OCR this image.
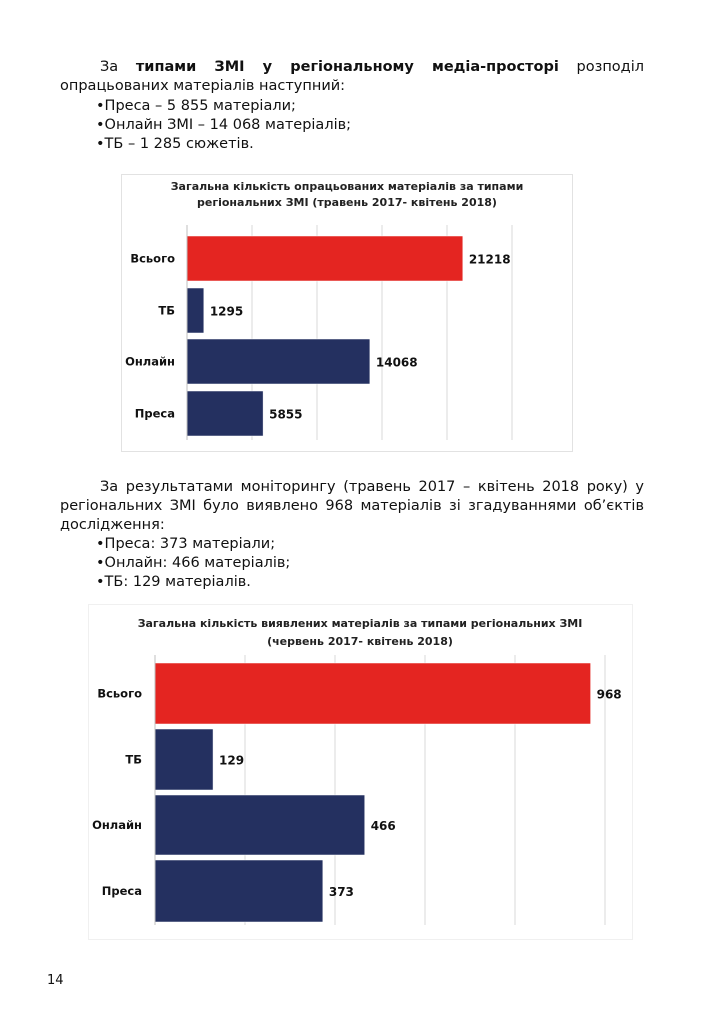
За типами ЗМІ у регіональному медіа-просторі розподіл опрацьованих матеріалів наступний:
•Преса – 5 855 матеріали;
•Онлайн ЗМІ – 14 068 матеріалів;
•ТБ – 1 285 сюжетів.
Загальна кількість опрацьованих матеріалів за типами
регіональних ЗМІ (травень 2017- квітень 2018)
Всього	21218
ТБ	1295
Онлайн	14068
Преса	5855
За результатами моніторингу (травень 2017 – квітень 2018 року) у регіональних ЗМІ було виявлено 968 матеріалів зі згадуваннями об’єктів дослідження:
•Преса: 373 матеріали;
•Онлайн: 466 матеріалів;
•ТБ: 129 матеріалів.
Загальна кількість виявлених матеріалів за типами регіональних ЗМІ
(червень 2017- квітень 2018)
Всього	968
ТБ	129
Онлайн	466
Преса	373
14
